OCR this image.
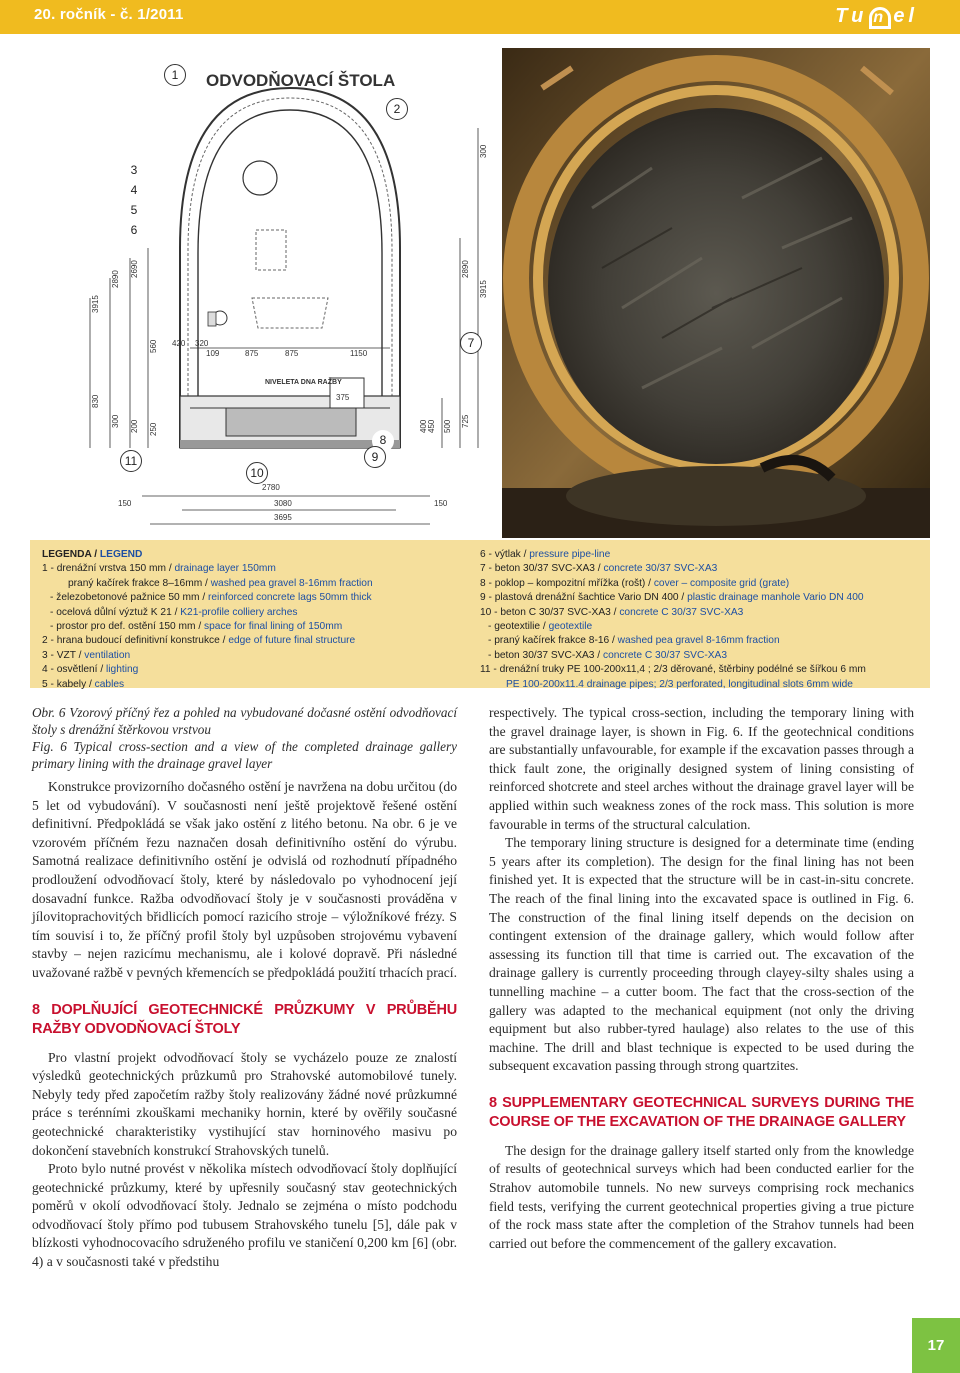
20. ročník - č. 1/2011	Tu n el
ODVODŇOVACÍ ŠTOLA
3915
2890
2690
560
830
300 200 250
300
3915
2890
725
500
450
400
420 320
109	875	875	1150
375
NIVELETA DNA RAŽBY
2780
150	150
3080
3695
1
2
3
4
5
6
8
9
10
11
7
LEGENDA / LEGEND
1 - drenážní vrstva 150 mm / drainage layer 150mm
praný kačírek frakce 8–16mm / washed pea gravel 8-16mm fraction
- železobetonové pažnice 50 mm / reinforced concrete lags 50mm thick
- ocelová důlní výztuž K 21 / K21-profile colliery arches
- prostor pro def. ostění 150 mm / space for final lining of 150mm
2 - hrana budoucí definitivní konstrukce / edge of future final structure
3 - VZT / ventilation
4 - osvětlení / lighting
5 - kabely / cables
6 - výtlak / pressure pipe-line
7 - beton 30/37 SVC-XA3 / concrete 30/37 SVC-XA3
8 - poklop – kompozitní mřížka (rošt) / cover – composite grid (grate)
9 - plastová drenážní šachtice Vario DN 400 / plastic drainage manhole Vario DN 400
10 - beton C 30/37 SVC-XA3 / concrete C 30/37 SVC-XA3
- geotextilie / geotextile
- praný kačírek frakce 8-16 / washed pea gravel 8-16mm fraction
- beton 30/37 SVC-XA3 / concrete C 30/37 SVC-XA3
11 - drenážní truky PE 100-200x11,4 ; 2/3 děrované, štěrbiny podélné se šířkou 6 mm
PE 100-200x11.4 drainage pipes; 2/3 perforated, longitudinal slots 6mm wide

Obr. 6 Vzorový příčný řez a pohled na vybudované dočasné ostění odvodňovací štoly s drenážní štěrkovou vrstvou

Fig. 6 Typical cross-section and a view of the completed drainage gallery primary lining with the drainage gravel layer

Konstrukce provizorního dočasného ostění je navržena na dobu určitou (do 5 let od vybudování). V současnosti není ještě projektově řešené ostění definitivní. Předpokládá se však jako ostění z litého betonu. Na obr. 6 je ve vzorovém příčném řezu naznačen dosah definitivního ostění do výrubu. Samotná realizace definitivního ostění je odvislá od rozhodnutí případného prodloužení odvodňovací štoly, které by následovalo po vyhodnocení její dosavadní funkce. Ražba odvodňovací štoly je v současnosti prováděna v jílovitoprachovitých břidlicích pomocí razicího stroje – výložníkové frézy. S tím souvisí i to, že příčný profil štoly byl uzpůsoben strojovému vybavení stavby – nejen razicímu mechanismu, ale i kolové dopravě. Při následné uvažované ražbě v pevných křemencích se předpokládá použití trhacích prací.

8 DOPLŇUJÍCÍ GEOTECHNICKÉ PRŮZKUMY V PRŮBĚHU RAŽBY ODVODŇOVACÍ ŠTOLY

Pro vlastní projekt odvodňovací štoly se vycházelo pouze ze znalostí výsledků geotechnických průzkumů pro Strahovské automobilové tunely. Nebyly tedy před započetím ražby štoly realizovány žádné nové průzkumné práce s terénními zkouškami mechaniky hornin, které by ověřily současné geotechnické charakteristiky vystihující stav horninového masivu po dokončení stavebních konstrukcí Strahovských tunelů.

Proto bylo nutné provést v několika místech odvodňovací štoly doplňující geotechnické průzkumy, které by upřesnily současný stav geotechnických poměrů v okolí odvodňovací štoly. Jednalo se zejména o místo podchodu odvodňovací štoly přímo pod tubusem Strahovského tunelu [5], dále pak v blízkosti vyhodnocovacího sdruženého profilu ve staničení 0,200 km [6] (obr. 4) a v současnosti také v předstihu

respectively. The typical cross-section, including the temporary lining with the gravel drainage layer, is shown in Fig. 6. If the geotechnical conditions are substantially unfavourable, for example if the excavation passes through a thick fault zone, the originally designed system of lining consisting of reinforced shotcrete and steel arches without the drainage gravel layer will be applied within such weakness zones of the rock mass. This solution is more favourable in terms of the structural calculation.

The temporary lining structure is designed for a determinate time (ending 5 years after its completion). The design for the final lining has not been finished yet. It is expected that the structure will be in cast-in-situ concrete. The reach of the final lining into the excavated space is outlined in Fig. 6. The construction of the final lining itself depends on the decision on contingent extension of the drainage gallery, which would follow after assessing its function till that time is carried out. The excavation of the drainage gallery is currently proceeding through clayey-silty shales using a tunnelling machine – a cutter boom. The fact that the cross-section of the gallery was adapted to the mechanical equipment (not only the driving equipment but also rubber-tyred haulage) also relates to the use of this machine. The drill and blast technique is expected to be used during the subsequent excavation passing through strong quartzites.

8 SUPPLEMENTARY GEOTECHNICAL SURVEYS DURING THE COURSE OF THE EXCAVATION OF THE DRAINAGE GALLERY

The design for the drainage gallery itself started only from the knowledge of results of geotechnical surveys which had been conducted earlier for the Strahov automobile tunnels. No new surveys comprising rock mechanics field tests, verifying the current geotechnical properties giving a true picture of the rock mass state after the completion of the Strahov tunnels had been carried out before the commencement of the gallery excavation.

17
